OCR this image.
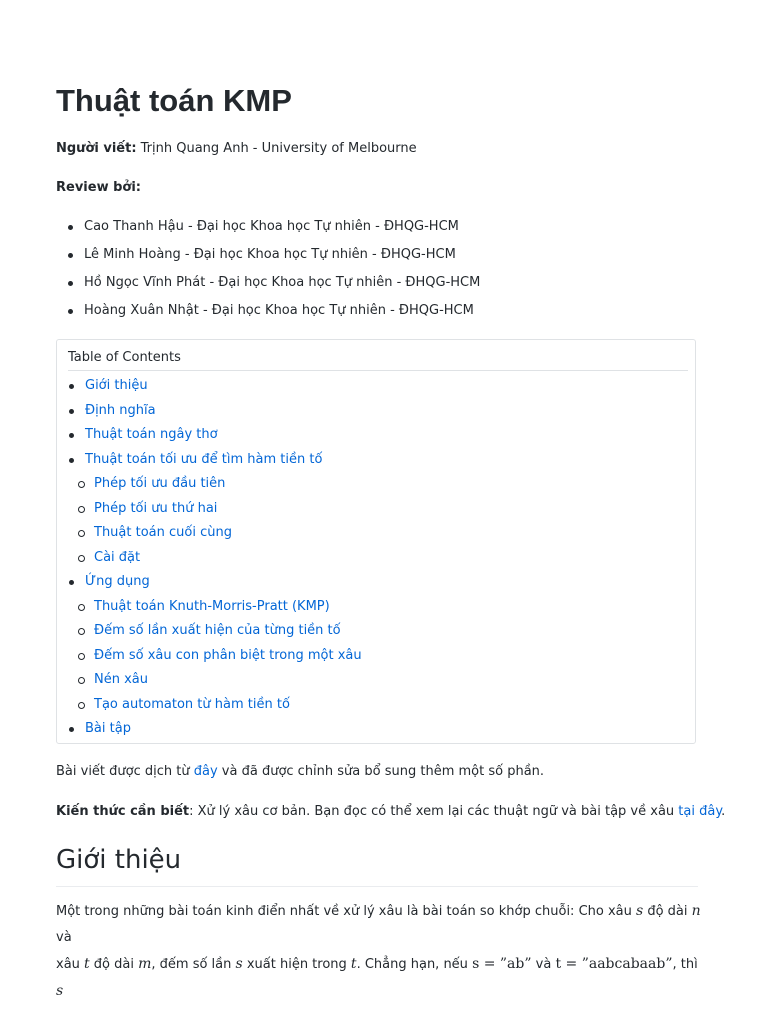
Thuật toán KMP
Người viết: Trịnh Quang Anh - University of Melbourne
Review bởi:
Cao Thanh Hậu - Đại học Khoa học Tự nhiên - ĐHQG-HCM
Lê Minh Hoàng - Đại học Khoa học Tự nhiên - ĐHQG-HCM
Hồ Ngọc Vĩnh Phát - Đại học Khoa học Tự nhiên - ĐHQG-HCM
Hoàng Xuân Nhật - Đại học Khoa học Tự nhiên - ĐHQG-HCM
Table of Contents
Giới thiệu
Định nghĩa
Thuật toán ngây thơ
Thuật toán tối ưu để tìm hàm tiền tố
Phép tối ưu đầu tiên
Phép tối ưu thứ hai
Thuật toán cuối cùng
Cài đặt
Ứng dụng
Thuật toán Knuth-Morris-Pratt (KMP)
Đếm số lần xuất hiện của từng tiền tố
Đếm số xâu con phân biệt trong một xâu
Nén xâu
Tạo automaton từ hàm tiền tố
Bài tập
Bài viết được dịch từ đây và đã được chỉnh sửa bổ sung thêm một số phần.
Kiến thức cần biết: Xử lý xâu cơ bản. Bạn đọc có thể xem lại các thuật ngữ và bài tập về xâu tại đây.
Giới thiệu
Một trong những bài toán kinh điển nhất về xử lý xâu là bài toán so khớp chuỗi: Cho xâu s độ dài n và
xâu t độ dài m, đếm số lần s xuất hiện trong t. Chẳng hạn, nếu s = ”ab” và t = ”aabcabaab”, thì s
